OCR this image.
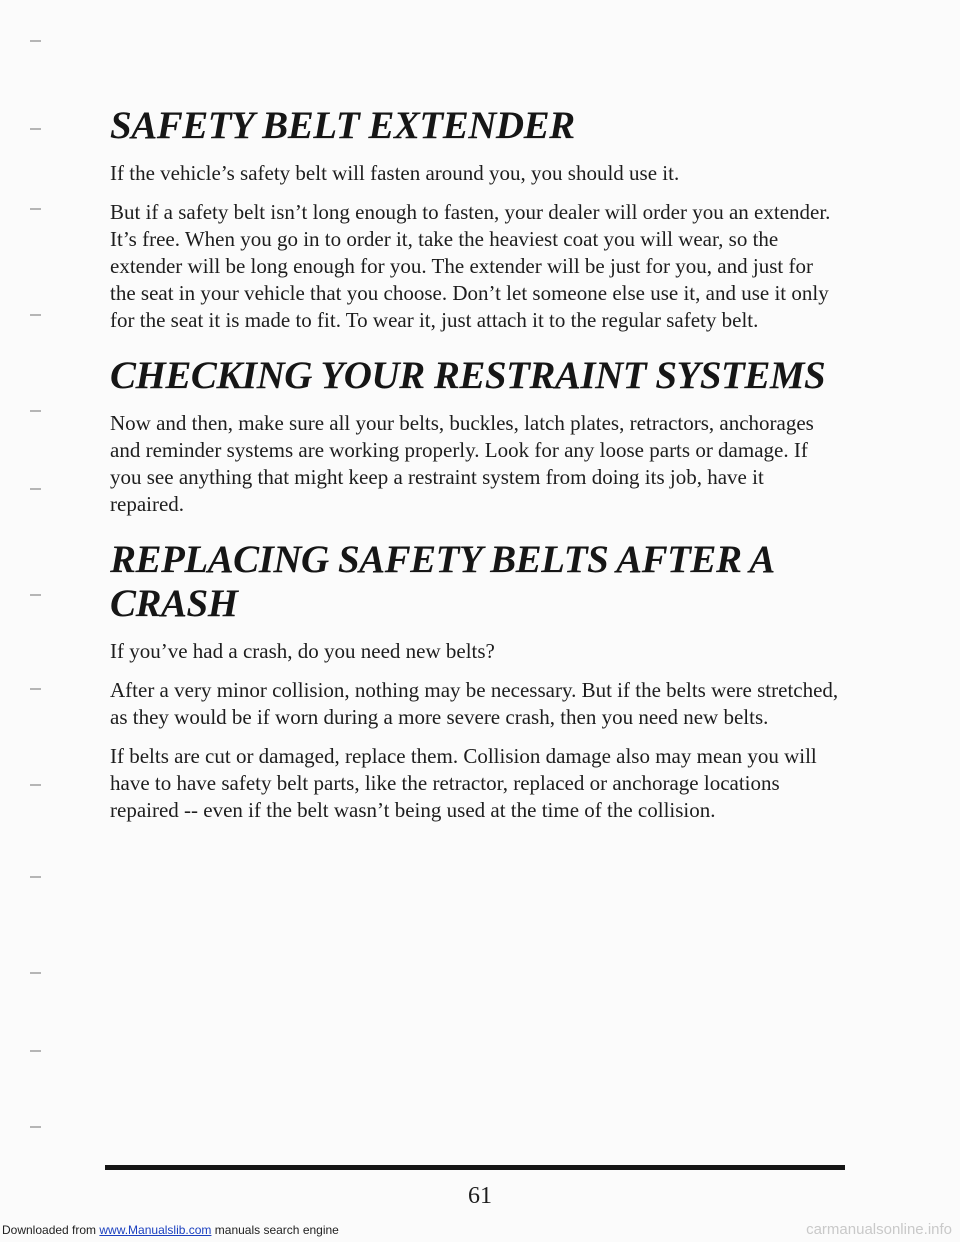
SAFETY BELT EXTENDER

If the vehicle’s safety belt will fasten around you, you should use it.

But if a safety belt isn’t long enough to fasten, your dealer will order you an extender. It’s free. When you go in to order it, take the heaviest coat you will wear, so the extender will be long enough for you. The extender will be just for you, and just for the seat in your vehicle that you choose. Don’t let someone else use it, and use it only for the seat it is made to fit. To wear it, just attach it to the regular safety belt.

CHECKING YOUR RESTRAINT SYSTEMS

Now and then, make sure all your belts, buckles, latch plates, retractors, anchorages and reminder systems are working properly. Look for any loose parts or damage. If you see anything that might keep a restraint system from doing its job, have it repaired.

REPLACING SAFETY BELTS AFTER A CRASH

If you’ve had a crash, do you need new belts?

After a very minor collision, nothing may be necessary. But if the belts were stretched, as they would be if worn during a more severe crash, then you need new belts.

If belts are cut or damaged, replace them. Collision damage also may mean you will have to have safety belt parts, like the retractor, replaced or anchorage locations repaired -- even if the belt wasn’t being used at the time of the collision.

61
Downloaded from www.Manualslib.com manuals search engine	carmanualsonline.info
